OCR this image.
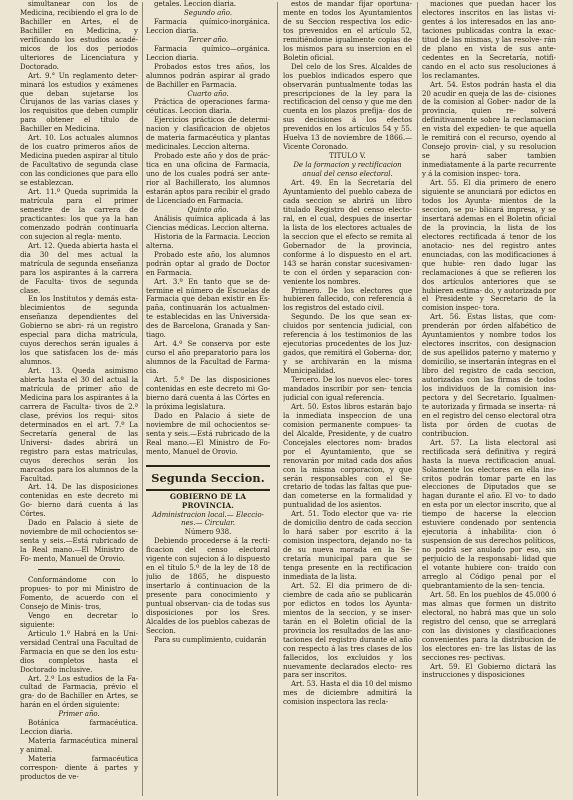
simultanear con los de Medicina, recibiendo el gra lo de Bachiller en Artes, el de Bachiller en Medicina, y verificando los estudios acadé- micos de los dos periodos ulteriores de Licenciatura y Doctorado.

Art. 9.° Un reglamento deter- minará los estudios y exámenes que deban sujetarse los Cirujanos de las varias clases y los requisitos que deben cumplir para obtener el título de Bachiller en Medicina.

Art. 10. Los actuales alumnos de los cuatro primeros años de Medicina pueden aspirar al título de Facultativo de segunda clase con las condiciones que para ello se establezcan.

Art. 11.º Queda suprimida la matrícula para el primer semestre de la carrera de practicantes: los que ya la han comenzado podrán continuarla con sujecion al regla- mento.

Art. 12. Queda abierta hasta el dia 30 del mes actual la matrícula de segunda enseñanza para los aspirantes á la carrera de Faculta- tivos de segunda clase.

En los Institutos y demás esta- blecimientos de segunda enseñanza dependientes del Gobierno se abri- rá un registro especial para dicha matrícula, cuyos derechos serán iguales á los que satisfacen los de- más alumnos.

Art. 13. Queda asimismo abierta hasta el 30 del actual la matrícula de primer año de Medicina para los aspirantes á la carrera de Faculta- tivos de 2.ª clase, prévios los requi- sitos determinados en el art. 7.º La Secretaría general de las Universi- dades abrirá un registro para estas matrículas, cuyos derechos serán los marcados para los alumnos de la Facultad.

Art. 14. De las disposiciones contenidas en este decreto mi Go- bierno dará cuenta á las Córtes.

Dado en Palacio á siete de noviembre de mil ochocientos se- senta y seis.—Está rubricado de la Real mano.—El Ministro de Fo- mento, Manuel de Orovio.

Conformándome con lo propues- to por mi Ministro de Fomento, de acuerdo con el Consejo de Minis- tros,

Vengo en decretar lo siguiente:

Artículo 1.º Habrá en la Uni- versidad Central una Facultad de Farmacia en que se den los estu- dios completos hasta el Doctorado inclusive.

Art. 2.º Los estudios de la Fa- cultad de Farmacia, prévio el gra- do de Bachiller en Artes, se harán en el órden siguiente:

Primer año.

Botánica farmacéutica. Leccion diaria.

Materia farmacéutica mineral y animal.

Materia farmacéutica correspon- diente á partes y productos de ve-

getales. Leccion diaria.

Segundo año.

Farmacia químico-inorgánica. Leccion diaria.

Tercer año.

Farmacia químico—orgánica. Leccion diaria.

Probados estos tres años, los alumnos podrán aspirar al grado de Bachiller en Farmacia.

Cuarto año.

Práctica de operaciones farma- céuticas. Leccion diaria.

Ejercicios prácticos de determi- nacion y clasificacion de objetos de materia farmacéutica y plantas medicinales. Leccion alterna.

Probado este año y dos de prác- tica en una oficina de Farmacia, uno de los cuales podrá ser ante- rior al Bachillerato, los alumnos estarán aptos para recibir el grado de Licenciado en Farmacia.

Quinto año.

Análisis química aplicada á las Ciencias médicas. Leccion alterna.

Historia de la Farmacia. Leccion alterna.

Probado este año, los alumnos podrán optar al grado de Doctor en Farmacia.

Art. 3.º En tanto que se de- termine el número de Escuelas de Farmacia que deban existir en Es- paña, continuarán los actualmen- te establecidas en las Universida- des de Barcelona, Granada y San- tiago.

Art. 4.º Se conserva por este curso el año preparatorio para los alumnos de la Facultad de Farma- cia.

Art. 5.º De las disposiciones contenidas en este decreto mi Go- bierno dará cuenta á las Córtes en la próxima legislatura.

Dado en Palacio á siete de noviembre de mil ochocientos se- senta y seis.—Está rubricado de la Real mano.—El Ministro de Fo- mento, Manuel de Orovio.

Segunda Seccion.

GOBIERNO DE LA PROVINCIA.

Administracion local.— Eleccio- nes.— Circular.

Número 938.

Debiendo procederse á la recti- ficacion del censo electoral vigente con sujecion á lo dispuesto en el título 5.º de la ley de 18 de julio de 1865, he dispuesto insertarlo á continuacion de la presente para conocimiento y puntual observan- cia de todas sus disposiciones por los Sres. Alcaldes de los pueblos cabezas de Seccion.

Para su cumplimiento, cuidarán

estos de mandar fijar oportuna- mente en todos los Ayuntamientos de su Seccion respectiva los edic- tos prevenidos en el artículo 52, remitiéndome igualmente copias de los mismos para su insercion en el Boletin oficial.

Del celo de los Sres. Alcaldes de los pueblos indicados espero que observarán puntualmente todas las prescripciones de la ley para la rectificacion del censo y que me den cuenta en los plazos prefija- dos de sus decisiones á los efectos prevenidos en los artículos 54 y 55. Huelva 13 de noviembre de 1866.—Vicente Coronado.

TITULO V.

De la formacion y rectificacion anual del censo electoral.

Art. 49. En la Secretaría del Ayuntamiento del pueblo cabeza de cada seccion se abrirá un libro titulado Registro del censo electo- ral, en el cual, despues de insertar la lista de los electores actuales de la seccion que el efecto se remita al Gobernador de la provincia, conforme á lo dispuesto en el art. 143 se harán constar sucesivamen- te con el órden y separacion con- veniente los nombres.

Primero. De los electores que hubieren fallecido, con referencia á los registros del estado civil.

Segundo. De los que sean ex- cluidos por sentencia judicial, con referencia á los testimonios de las ejecutorias procedentes de los Juz- gados, que remitirá el Goberna- dor, y se archivarán en la misma Municipalidad.

Tercero. De los nuevos elec- tores mandados inscribir por sen- tencia judicial con igual referencia.

Art. 50. Estos libros estarán bajo la inmediata inspeccion de una comision permanente compues- ta del Alcalde, Presidente, y de cuatro Concejales electores nom- brados por el Ayuntamiento, que se renovarán por mitad cada dos años con la misma corporacion, y que serán responsables con el Se- cretario de todas las faltas que pue- dan cometerse en la formalidad y puntualidad de los asientos.

Art. 51. Todo elector que va- rie de domicilio dentro de cada seccion lo hará saber por escrito á la comision inspectora, dejando no- ta de su nueva morada en la Se- cretaría municipal para que se tenga presente en la rectificacion inmediata de la lista.

Art. 52. El dia primero de di- ciembre de cada año se publicarán por edictos en todos los Ayunta- mientos de la seccion, y se inser- tarán en el Boletin oficial de la provincia los resultados de las ano- taciones del registro durante el año con respecto á las tres clases de los fallecidos, los excluidos y los nuevamente declarados electo- res para ser inscritos.

Art. 53. Hasta el dia 10 del mismo mes de diciembre admitirá la comision inspectora las recla-

maciones que puedan hacer los electores inscritos en las listas vi- gentes á los interesados en las ano- taciones publicadas contra la exac- titud de las mismas, y las resolve- rán de plano en vista de sus ante- cedentes en la Secretaría, notifi- cando en el acto sus resoluciones á los reclamantes.

Art. 54. Estos podrán hasta el dia 20 acudir en queja de las de- cisiones de la comision al Gober- nador de la provincia, quien re- solverá definitivamente sobre la reclamacion en vista del expedien- te que aquella le remitirá con el recurso, oyendo al Consejo provin- cial, y su resolucion se hará saber tambien inmediatamente á la parte recurrente y á la comision inspec- tora.

Art. 55. El dia primero de enero siguiente se anunciará por edictos en todos los Ayunta- mientos de la seccion, se pu- blicará impresa, y se insertará ademas en el Boletin oficial de la provincia, la lista de los electores rectificada á tenor de los anotacio- nes del registro antes enunciadas, con las modificaciones á que hubie- ren dado lugar las reclamaciones á que se refieren los dos artículos anteriores que se hubieren estima- do, y autorizada por el Presidente y Secretario de la comision inspec- tora.

Art. 56. Estas listas, que com- prenderán por órden alfabético de Ayuntamientos y nombre todos los electores inscritos, con designacion de sus apellidos paterno y materno y domicilio, se insertarán íntegras en el libro del registro de cada seccion, autorizadas con las firmas de todos los individuos de la comision ins- pectora y del Secretario. Igualmen- te autorizada y firmada se inserta- rá en el registro del censo electoral otra lista por órden de cuotas de contribucion.

Art. 57. La lista electoral asi rectificada será definitiva y regirá hasta la nueva rectificacion anual. Solamente los electores en ella ins- critos podrán tomar parte en las elecciones de Diputados que se hagan durante el año. El vo- to dado en esta por un elector inscrito, que al tiempo de hacerse la eleccion estuviere condenado por sentencia ejecutoria á inhabilita- cion ó suspension de sus derechos políticos, no podrá ser anulado por eso, sin perjuicio de la responsabi- lidad que el votante hubiere con- traido con arreglo al Código penal por el quebrantamiento de la sen- tencia.

Art. 58. En los pueblos de 45.000 ó mas almas que formen un distrito electoral, no habrá mas que un solo registro del censo, que se arreglará con las divisiones y clasificaciones convenientes para la distribucion de los electores en- tre las listas de las secciones res- pectivas.

Art. 59. El Gobierno dictará las instrucciones y disposiciones
